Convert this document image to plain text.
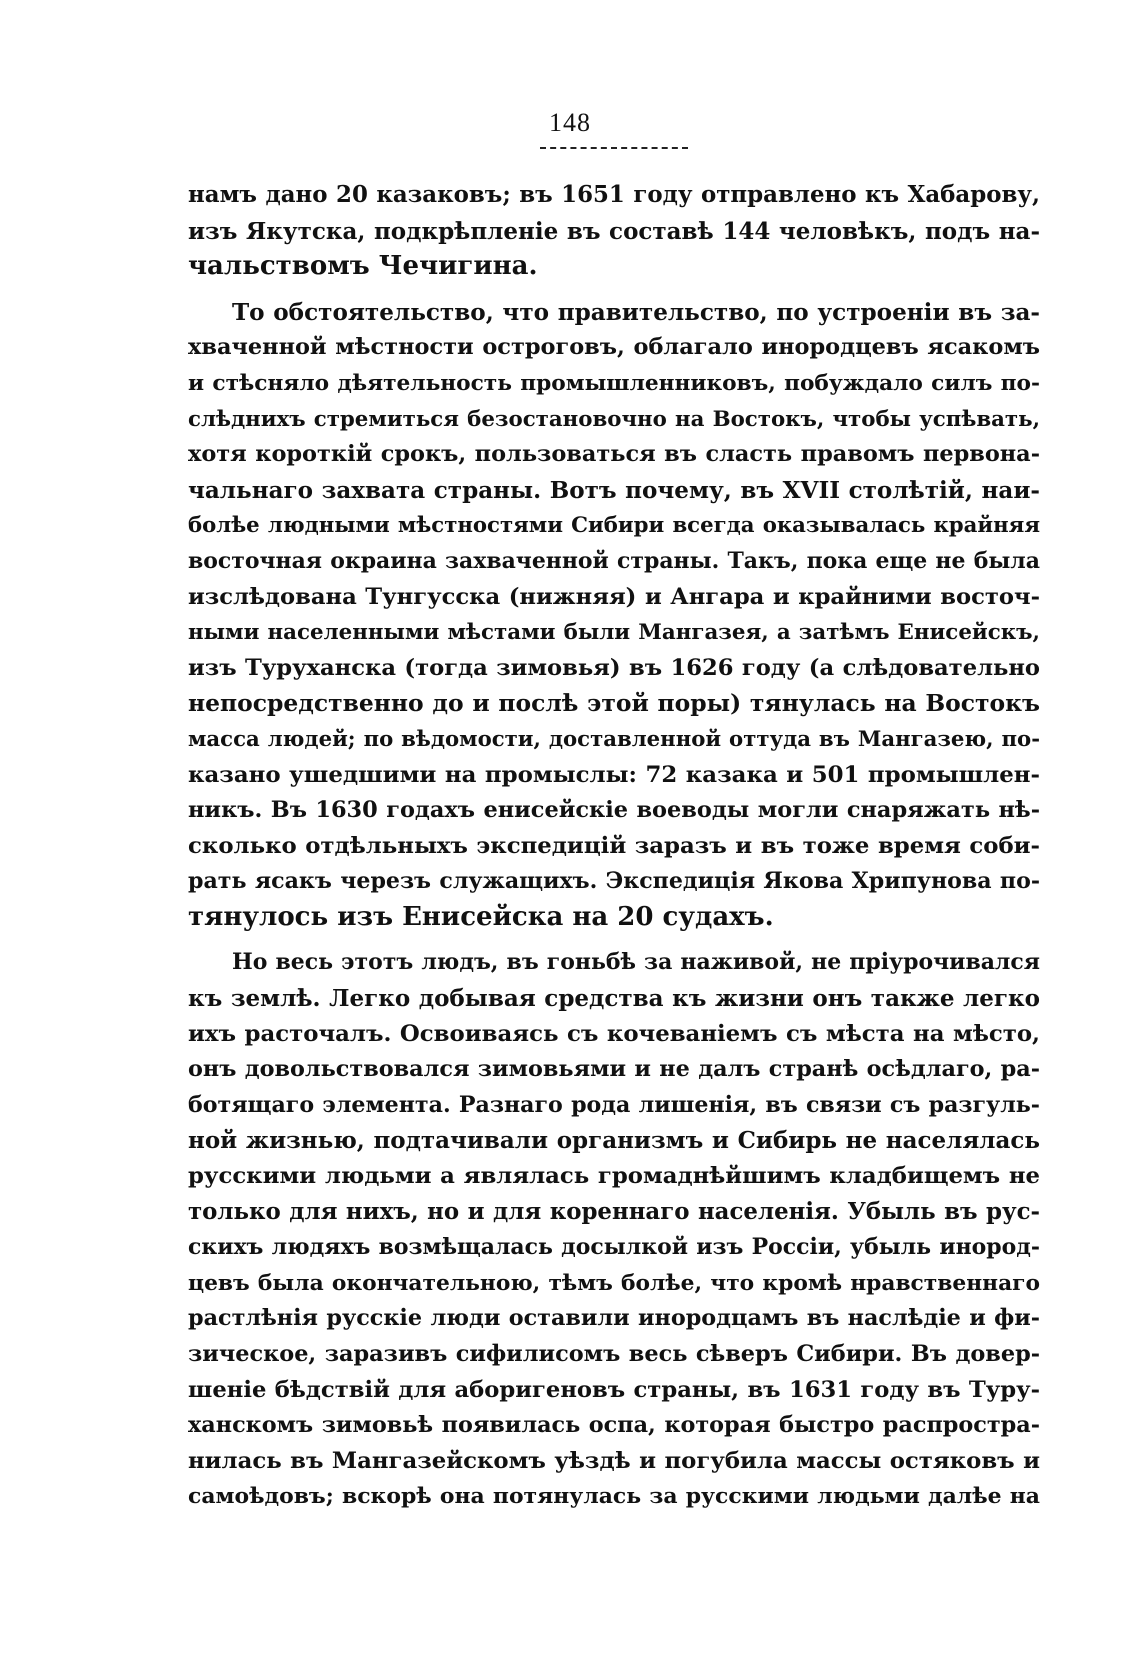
148
намъ дано 20 казаковъ; въ 1651 году отправлено къ Хабарову,
изъ Якутска, подкрѣпленіе въ составѣ 144 человѣкъ, подъ на-
чальствомъ Чечигина.
То обстоятельство, что правительство, по устроеніи въ за-
хваченной мѣстности остроговъ, облагало инородцевъ ясакомъ
и стѣсняло дѣятельность промышленниковъ, побуждало силъ по-
слѣднихъ стремиться безостановочно на Востокъ, чтобы успѣвать,
хотя короткій срокъ, пользоваться въ сласть правомъ первона-
чальнаго захвата страны. Вотъ почему, въ XVII столѣтій, наи-
болѣе людными мѣстностями Сибири всегда оказывалась крайняя
восточная окраина захваченной страны. Такъ, пока еще не была
изслѣдована Тунгусска (нижняя) и Ангара и крайними восточ-
ными населенными мѣстами были Мангазея, а затѣмъ Енисейскъ,
изъ Туруханска (тогда зимовья) въ 1626 году (а слѣдовательно
непосредственно до и послѣ этой поры) тянулась на Востокъ
масса людей; по вѣдомости, доставленной оттуда въ Мангазею, по-
казано ушедшими на промыслы: 72 казака и 501 промышлен-
никъ. Въ 1630 годахъ енисейскіе воеводы могли снаряжать нѣ-
сколько отдѣльныхъ экспедицій заразъ и въ тоже время соби-
рать ясакъ черезъ служащихъ. Экспедиція Якова Хрипунова по-
тянулось изъ Енисейска на 20 судахъ.
Но весь этотъ людъ, въ гоньбѣ за наживой, не пріурочивался
къ землѣ. Легко добывая средства къ жизни онъ также легко
ихъ расточалъ. Освоиваясь съ кочеваніемъ съ мѣста на мѣсто,
онъ довольствовался зимовьями и не далъ странѣ осѣдлаго, ра-
ботящаго элемента. Разнаго рода лишенія, въ связи съ разгуль-
ной жизнью, подтачивали организмъ и Сибирь не населялась
русскими людьми а являлась громаднѣйшимъ кладбищемъ не
только для нихъ, но и для кореннаго населенія. Убыль въ рус-
скихъ людяхъ возмѣщалась досылкой изъ Россіи, убыль инород-
цевъ была окончательною, тѣмъ болѣе, что кромѣ нравственнаго
растлѣнія русскіе люди оставили инородцамъ въ наслѣдіе и фи-
зическое, заразивъ сифилисомъ весь сѣверъ Сибири. Въ довер-
шеніе бѣдствій для аборигеновъ страны, въ 1631 году въ Туру-
ханскомъ зимовьѣ появилась оспа, которая быстро распростра-
нилась въ Мангазейскомъ уѣздѣ и погубила массы остяковъ и
самоѣдовъ; вскорѣ она потянулась за русскими людьми далѣе на
